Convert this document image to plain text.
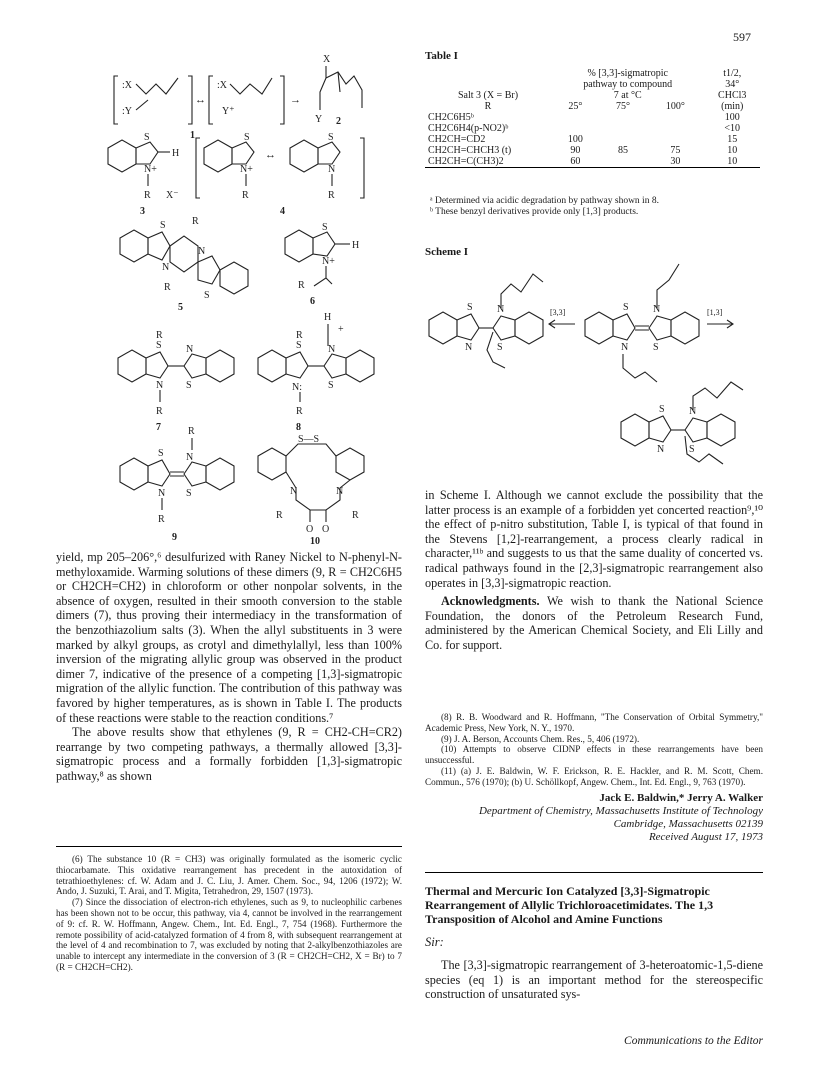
597
:X
:Y
↔
:X
Y⁺
→
X
Y
1
2
S
N+
H
R X⁻
3
S
N+
R
↔
S
N
R
4
S
N
N
S
R
R
5
S
N+
H
R
6
S
N
R
N
S
R
7
S
N:
R
N
S
H
+
R
8
S
N
N
S
R
R
9
S—S
N	N
R	R
O O
10
Table I
	% [3,3]-sigmatropic			t1/2,
	pathway to compound			34°
Salt 3 (X = Br)	7 at °C			CHCl3
R	25°	75°	100°	(min)
CH2C6H5ᵇ				100
CH2C6H4(p-NO2)ᵇ				<10
CH2CH=CD2	100			15
CH2CH=CHCH3 (t)	90	85	75	10
CH2CH=C(CH3)2	60		30	10
ᵃ Determined via acidic degradation by pathway shown in 8.
ᵇ These benzyl derivatives provide only [1,3] products.
Scheme I
S
N
N
S
[3,3]	S
N
N
S
[1,3]
S
N
N
S
yield, mp 205–206°,⁶ desulfurized with Raney Nickel to N-phenyl-N-methyloxamide. Warming solutions of these dimers (9, R = CH2C6H5 or CH2CH=CH2) in chloroform or other nonpolar solvents, in the absence of oxygen, resulted in their smooth conversion to the stable dimers (7), thus proving their intermediacy in the transformation of the benzothiazolium salts (3). When the allyl substituents in 3 were marked by alkyl groups, as crotyl and dimethylallyl, less than 100% inversion of the migrating allylic group was observed in the product dimer 7, indicative of the presence of a competing [1,3]-sigmatropic migration of the allylic function. The contribution of this pathway was favored by higher temperatures, as is shown in Table I. The products of these reactions were stable to the reaction conditions.⁷
The above results show that ethylenes (9, R = CH2-CH=CR2) rearrange by two competing pathways, a thermally allowed [3,3]-sigmatropic process and a formally forbidden [1,3]-sigmatropic pathway,⁸ as shown
(6) The substance 10 (R = CH3) was originally formulated as the isomeric cyclic thiocarbamate. This oxidative rearrangement has precedent in the autoxidation of tetrathioethylenes: cf. W. Adam and J. C. Liu, J. Amer. Chem. Soc., 94, 1206 (1972); W. Ando, J. Suzuki, T. Arai, and T. Migita, Tetrahedron, 29, 1507 (1973).
(7) Since the dissociation of electron-rich ethylenes, such as 9, to nucleophilic carbenes has been shown not to be occur, this pathway, via 4, cannot be involved in the rearrangement of 9: cf. R. W. Hoffmann, Angew. Chem., Int. Ed. Engl., 7, 754 (1968). Furthermore the remote possibility of acid-catalyzed formation of 4 from 8, with subsequent rearrangement at the level of 4 and recombination to 7, was excluded by noting that 2-alkylbenzothiazoles are unable to intercept any intermediate in the conversion of 3 (R = CH2CH=CH2, X = Br) to 7 (R = CH2CH=CH2).
in Scheme I. Although we cannot exclude the possibility that the latter process is an example of a forbidden yet concerted reaction⁹,¹⁰ the effect of p-nitro substitution, Table I, is typical of that found in the Stevens [1,2]-rearrangement, a process clearly radical in character,¹¹ᵇ and suggests to us that the same duality of concerted vs. radical pathways found in the [2,3]-sigmatropic rearrangement also operates in [3,3]-sigmatropic reaction.
Acknowledgments. We wish to thank the National Science Foundation, the donors of the Petroleum Research Fund, administered by the American Chemical Society, and Eli Lilly and Co. for support.
(8) R. B. Woodward and R. Hoffmann, "The Conservation of Orbital Symmetry," Academic Press, New York, N. Y., 1970.
(9) J. A. Berson, Accounts Chem. Res., 5, 406 (1972).
(10) Attempts to observe CIDNP effects in these rearrangements have been unsuccessful.
(11) (a) J. E. Baldwin, W. F. Erickson, R. E. Hackler, and R. M. Scott, Chem. Commun., 576 (1970); (b) U. Schöllkopf, Angew. Chem., Int. Ed. Engl., 9, 763 (1970).
Jack E. Baldwin,* Jerry A. Walker
Department of Chemistry, Massachusetts Institute of Technology
Cambridge, Massachusetts 02139
Received August 17, 1973
Thermal and Mercuric Ion Catalyzed [3,3]-Sigmatropic Rearrangement of Allylic Trichloroacetimidates. The 1,3 Transposition of Alcohol and Amine Functions
Sir:
The [3,3]-sigmatropic rearrangement of 3-heteroatomic-1,5-diene species (eq 1) is an important method for the stereospecific construction of unsaturated sys-
Communications to the Editor
